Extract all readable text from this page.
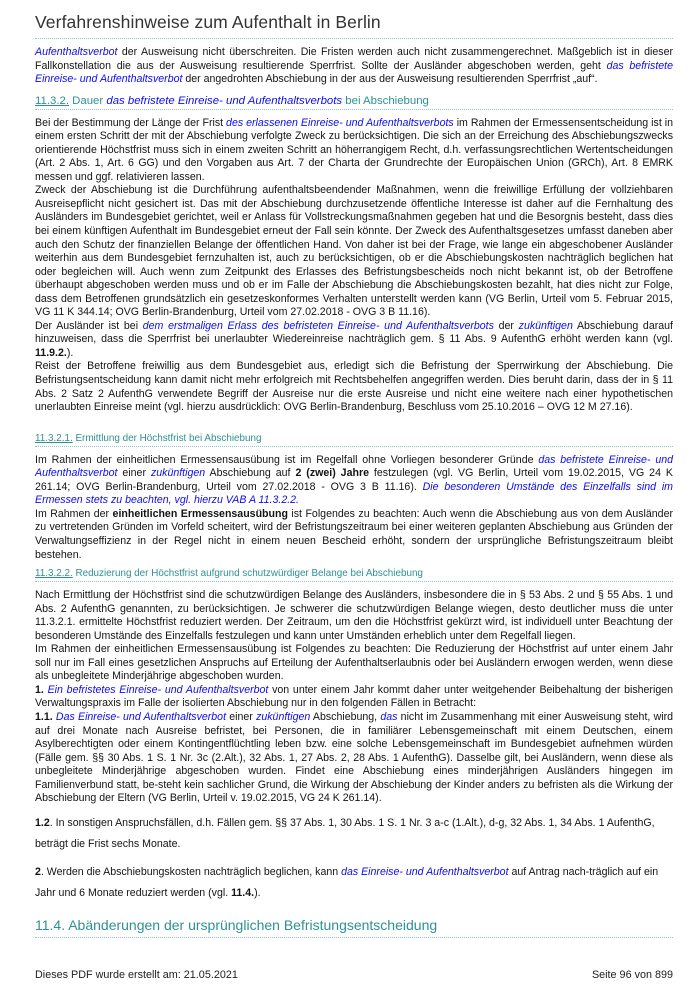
Verfahrenshinweise zum Aufenthalt in Berlin
Aufenthaltsverbot der Ausweisung nicht überschreiten. Die Fristen werden auch nicht zusammengerechnet. Maßgeblich ist in dieser Fallkonstellation die aus der Ausweisung resultierende Sperrfrist. Sollte der Ausländer abgeschoben werden, geht das befristete Einreise- und Aufenthaltsverbot der angedrohten Abschiebung in der aus der Ausweisung resultierenden Sperrfrist „auf“.
11.3.2. Dauer das befristete Einreise- und Aufenthaltsverbots bei Abschiebung
Bei der Bestimmung der Länge der Frist des erlassenen Einreise- und Aufenthaltsverbots im Rahmen der Ermessensentscheidung ist in einem ersten Schritt der mit der Abschiebung verfolgte Zweck zu berücksichtigen. Die sich an der Erreichung des Abschiebungszwecks orientierende Höchstfrist muss sich in einem zweiten Schritt an höherrangigem Recht, d.h. verfassungsrechtlichen Wertentscheidungen (Art. 2 Abs. 1, Art. 6 GG) und den Vorgaben aus Art. 7 der Charta der Grundrechte der Europäischen Union (GRCh), Art. 8 EMRK messen und ggf. relativieren lassen.
Zweck der Abschiebung ist die Durchführung aufenthaltsbeendender Maßnahmen, wenn die freiwillige Erfüllung der vollziehbaren Ausreisepflicht nicht gesichert ist. Das mit der Abschiebung durchzusetzende öffentliche Interesse ist daher auf die Fernhaltung des Ausländers im Bundesgebiet gerichtet, weil er Anlass für Vollstreckungsmaßnahmen gegeben hat und die Besorgnis besteht, dass dies bei einem künftigen Aufenthalt im Bundesgebiet erneut der Fall sein könnte. Der Zweck des Aufenthaltsgesetzes umfasst daneben aber auch den Schutz der finanziellen Belange der öffentlichen Hand. Von daher ist bei der Frage, wie lange ein abgeschobener Ausländer weiterhin aus dem Bundesgebiet fernzuhalten ist, auch zu berücksichtigen, ob er die Abschiebungskosten nachträglich beglichen hat oder begleichen will. Auch wenn zum Zeitpunkt des Erlasses des Befristungsbescheids noch nicht bekannt ist, ob der Betroffene überhaupt abgeschoben werden muss und ob er im Falle der Abschiebung die Abschiebungskosten bezahlt, hat dies nicht zur Folge, dass dem Betroffenen grundsätzlich ein gesetzeskonformes Verhalten unterstellt werden kann (VG Berlin, Urteil vom 5. Februar 2015, VG 11 K 344.14; OVG Berlin-Brandenburg, Urteil vom 27.02.2018 - OVG 3 B 11.16).
Der Ausländer ist bei dem erstmaligen Erlass des befristeten Einreise- und Aufenthaltsverbots der zukünftigen Abschiebung darauf hinzuweisen, dass die Sperrfrist bei unerlaubter Wiedereinreise nachträglich gem. § 11 Abs. 9 AufenthG erhöht werden kann (vgl. 11.9.2.).
Reist der Betroffene freiwillig aus dem Bundesgebiet aus, erledigt sich die Befristung der Sperrwirkung der Abschiebung. Die Befristungsentscheidung kann damit nicht mehr erfolgreich mit Rechtsbehelfen angegriffen werden. Dies beruht darin, dass der in § 11 Abs. 2 Satz 2 AufenthG verwendete Begriff der Ausreise nur die erste Ausreise und nicht eine weitere nach einer hypothetischen unerlaubten Einreise meint (vgl. hierzu ausdrücklich: OVG Berlin-Brandenburg, Beschluss vom 25.10.2016 – OVG 12 M 27.16).
11.3.2.1. Ermittlung der Höchstfrist bei Abschiebung
Im Rahmen der einheitlichen Ermessensausübung ist im Regelfall ohne Vorliegen besonderer Gründe das befristete Einreise- und Aufenthaltsverbot einer zukünftigen Abschiebung auf 2 (zwei) Jahre festzulegen (vgl. VG Berlin, Urteil vom 19.02.2015, VG 24 K 261.14; OVG Berlin-Brandenburg, Urteil vom 27.02.2018 - OVG 3 B 11.16). Die besonderen Umstände des Einzelfalls sind im Ermessen stets zu beachten, vgl. hierzu VAB A 11.3.2.2.
Im Rahmen der einheitlichen Ermessensausübung ist Folgendes zu beachten: Auch wenn die Abschiebung aus von dem Ausländer zu vertretenden Gründen im Vorfeld scheitert, wird der Befristungszeitraum bei einer weiteren geplanten Abschiebung aus Gründen der Verwaltungseffizienz in der Regel nicht in einem neuen Bescheid erhöht, sondern der ursprüngliche Befristungszeitraum bleibt bestehen.
11.3.2.2. Reduzierung der Höchstfrist aufgrund schutzwürdiger Belange bei Abschiebung
Nach Ermittlung der Höchstfrist sind die schutzwürdigen Belange des Ausländers, insbesondere die in § 53 Abs. 2 und § 55 Abs. 1 und Abs. 2 AufenthG genannten, zu berücksichtigen. Je schwerer die schutzwürdigen Belange wiegen, desto deutlicher muss die unter 11.3.2.1. ermittelte Höchstfrist reduziert werden. Der Zeitraum, um den die Höchstfrist gekürzt wird, ist individuell unter Beachtung der besonderen Umstände des Einzelfalls festzulegen und kann unter Umständen erheblich unter dem Regelfall liegen.
Im Rahmen der einheitlichen Ermessensausübung ist Folgendes zu beachten: Die Reduzierung der Höchstfrist auf unter einem Jahr soll nur im Fall eines gesetzlichen Anspruchs auf Erteilung der Aufenthaltserlaubnis oder bei Ausländern erwogen werden, wenn diese als unbegleitete Minderjährige abgeschoben wurden.
1. Ein befristetes Einreise- und Aufenthaltsverbot von unter einem Jahr kommt daher unter weitgehender Beibehaltung der bisherigen Verwaltungspraxis im Falle der isolierten Abschiebung nur in den folgenden Fällen in Betracht:
1.1. Das Einreise- und Aufenthaltsverbot einer zukünftigen Abschiebung, das nicht im Zusammenhang mit einer Ausweisung steht, wird auf drei Monate nach Ausreise befristet, bei Personen, die in familiärer Lebensgemeinschaft mit einem Deutschen, einem Asylberechtigten oder einem Kontingentflüchtling leben bzw. eine solche Lebensgemeinschaft im Bundesgebiet aufnehmen würden (Fälle gem. §§ 30 Abs. 1 S. 1 Nr. 3c (2.Alt.), 32 Abs. 1, 27 Abs. 2, 28 Abs. 1 AufenthG). Dasselbe gilt, bei Ausländern, wenn diese als unbegleitete Minderjährige abgeschoben wurden. Findet eine Abschiebung eines minderjährigen Ausländers hingegen im Familienverbund statt, be-steht kein sachlicher Grund, die Wirkung der Abschiebung der Kinder anders zu befristen als die Wirkung der Abschiebung der Eltern (VG Berlin, Urteil v. 19.02.2015, VG 24 K 261.14).
1.2. In sonstigen Anspruchsfällen, d.h. Fällen gem. §§ 37 Abs. 1, 30 Abs. 1 S. 1 Nr. 3 a-c (1.Alt.), d-g, 32 Abs. 1, 34 Abs. 1 AufenthG, beträgt die Frist sechs Monate.
2. Werden die Abschiebungskosten nachträglich beglichen, kann das Einreise- und Aufenthaltsverbot auf Antrag nach-träglich auf ein Jahr und 6 Monate reduziert werden (vgl. 11.4.).
11.4. Abänderungen der ursprünglichen Befristungsentscheidung
Dieses PDF wurde erstellt am: 21.05.2021	Seite 96 von 899
